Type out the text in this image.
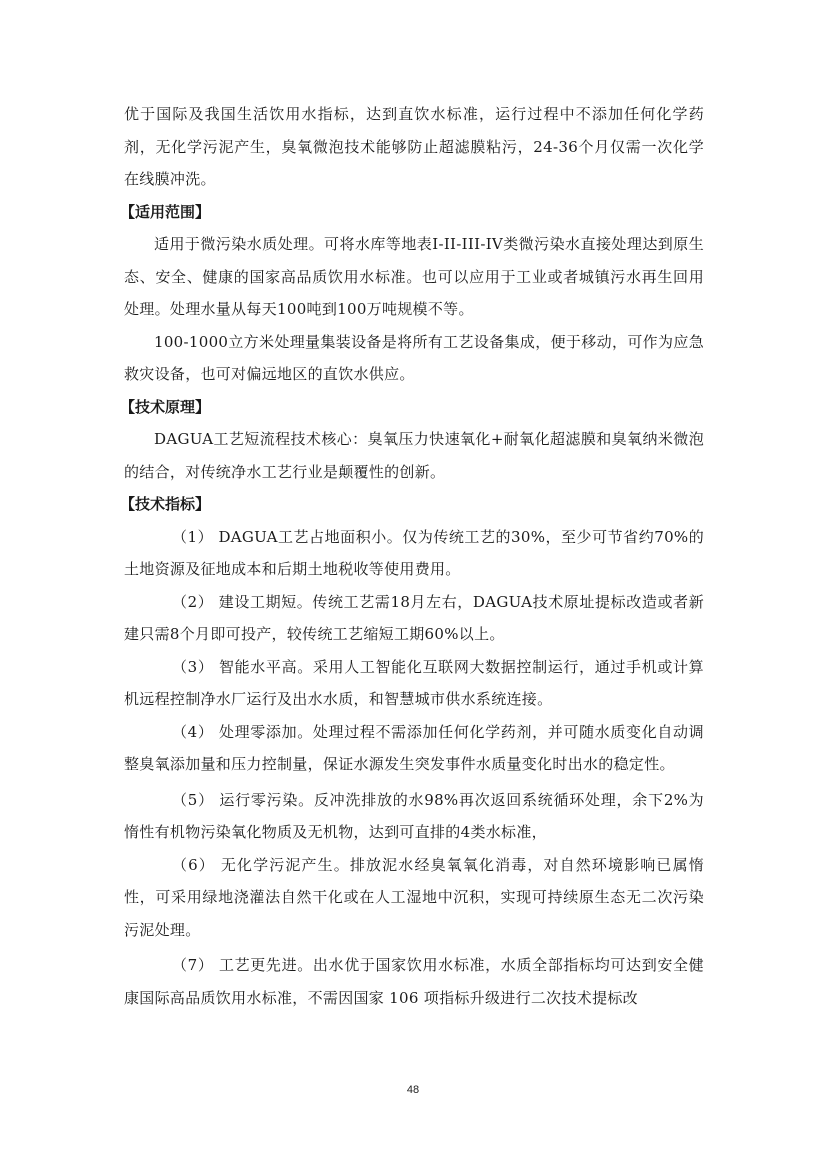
优于国际及我国生活饮用水指标，达到直饮水标准，运行过程中不添加任何化学药剂，无化学污泥产生，臭氧微泡技术能够防止超滤膜粘污，24-36个月仅需一次化学在线膜冲洗。

【适用范围】

适用于微污染水质处理。可将水库等地表I-II-III-IV类微污染水直接处理达到原生态、安全、健康的国家高品质饮用水标准。也可以应用于工业或者城镇污水再生回用处理。处理水量从每天100吨到100万吨规模不等。

100-1000立方米处理量集装设备是将所有工艺设备集成，便于移动，可作为应急救灾设备，也可对偏远地区的直饮水供应。

【技术原理】

DAGUA工艺短流程技术核心：臭氧压力快速氧化+耐氧化超滤膜和臭氧纳米微泡的结合，对传统净水工艺行业是颠覆性的创新。

【技术指标】

（1） DAGUA工艺占地面积小。仅为传统工艺的30%，至少可节省约70%的土地资源及征地成本和后期土地税收等使用费用。

（2） 建设工期短。传统工艺需18月左右，DAGUA技术原址提标改造或者新建只需8个月即可投产，较传统工艺缩短工期60%以上。

（3） 智能水平高。采用人工智能化互联网大数据控制运行，通过手机或计算机远程控制净水厂运行及出水水质，和智慧城市供水系统连接。

（4） 处理零添加。处理过程不需添加任何化学药剂，并可随水质变化自动调整臭氧添加量和压力控制量，保证水源发生突发事件水质量变化时出水的稳定性。

（5） 运行零污染。反冲洗排放的水98%再次返回系统循环处理，余下2%为惰性有机物污染氧化物质及无机物，达到可直排的4类水标准，

（6） 无化学污泥产生。排放泥水经臭氧氧化消毒，对自然环境影响已属惰性，可采用绿地浇灌法自然干化或在人工湿地中沉积，实现可持续原生态无二次污染污泥处理。

（7） 工艺更先进。出水优于国家饮用水标准，水质全部指标均可达到安全健康国际高品质饮用水标准，不需因国家 106 项指标升级进行二次技术提标改

48
